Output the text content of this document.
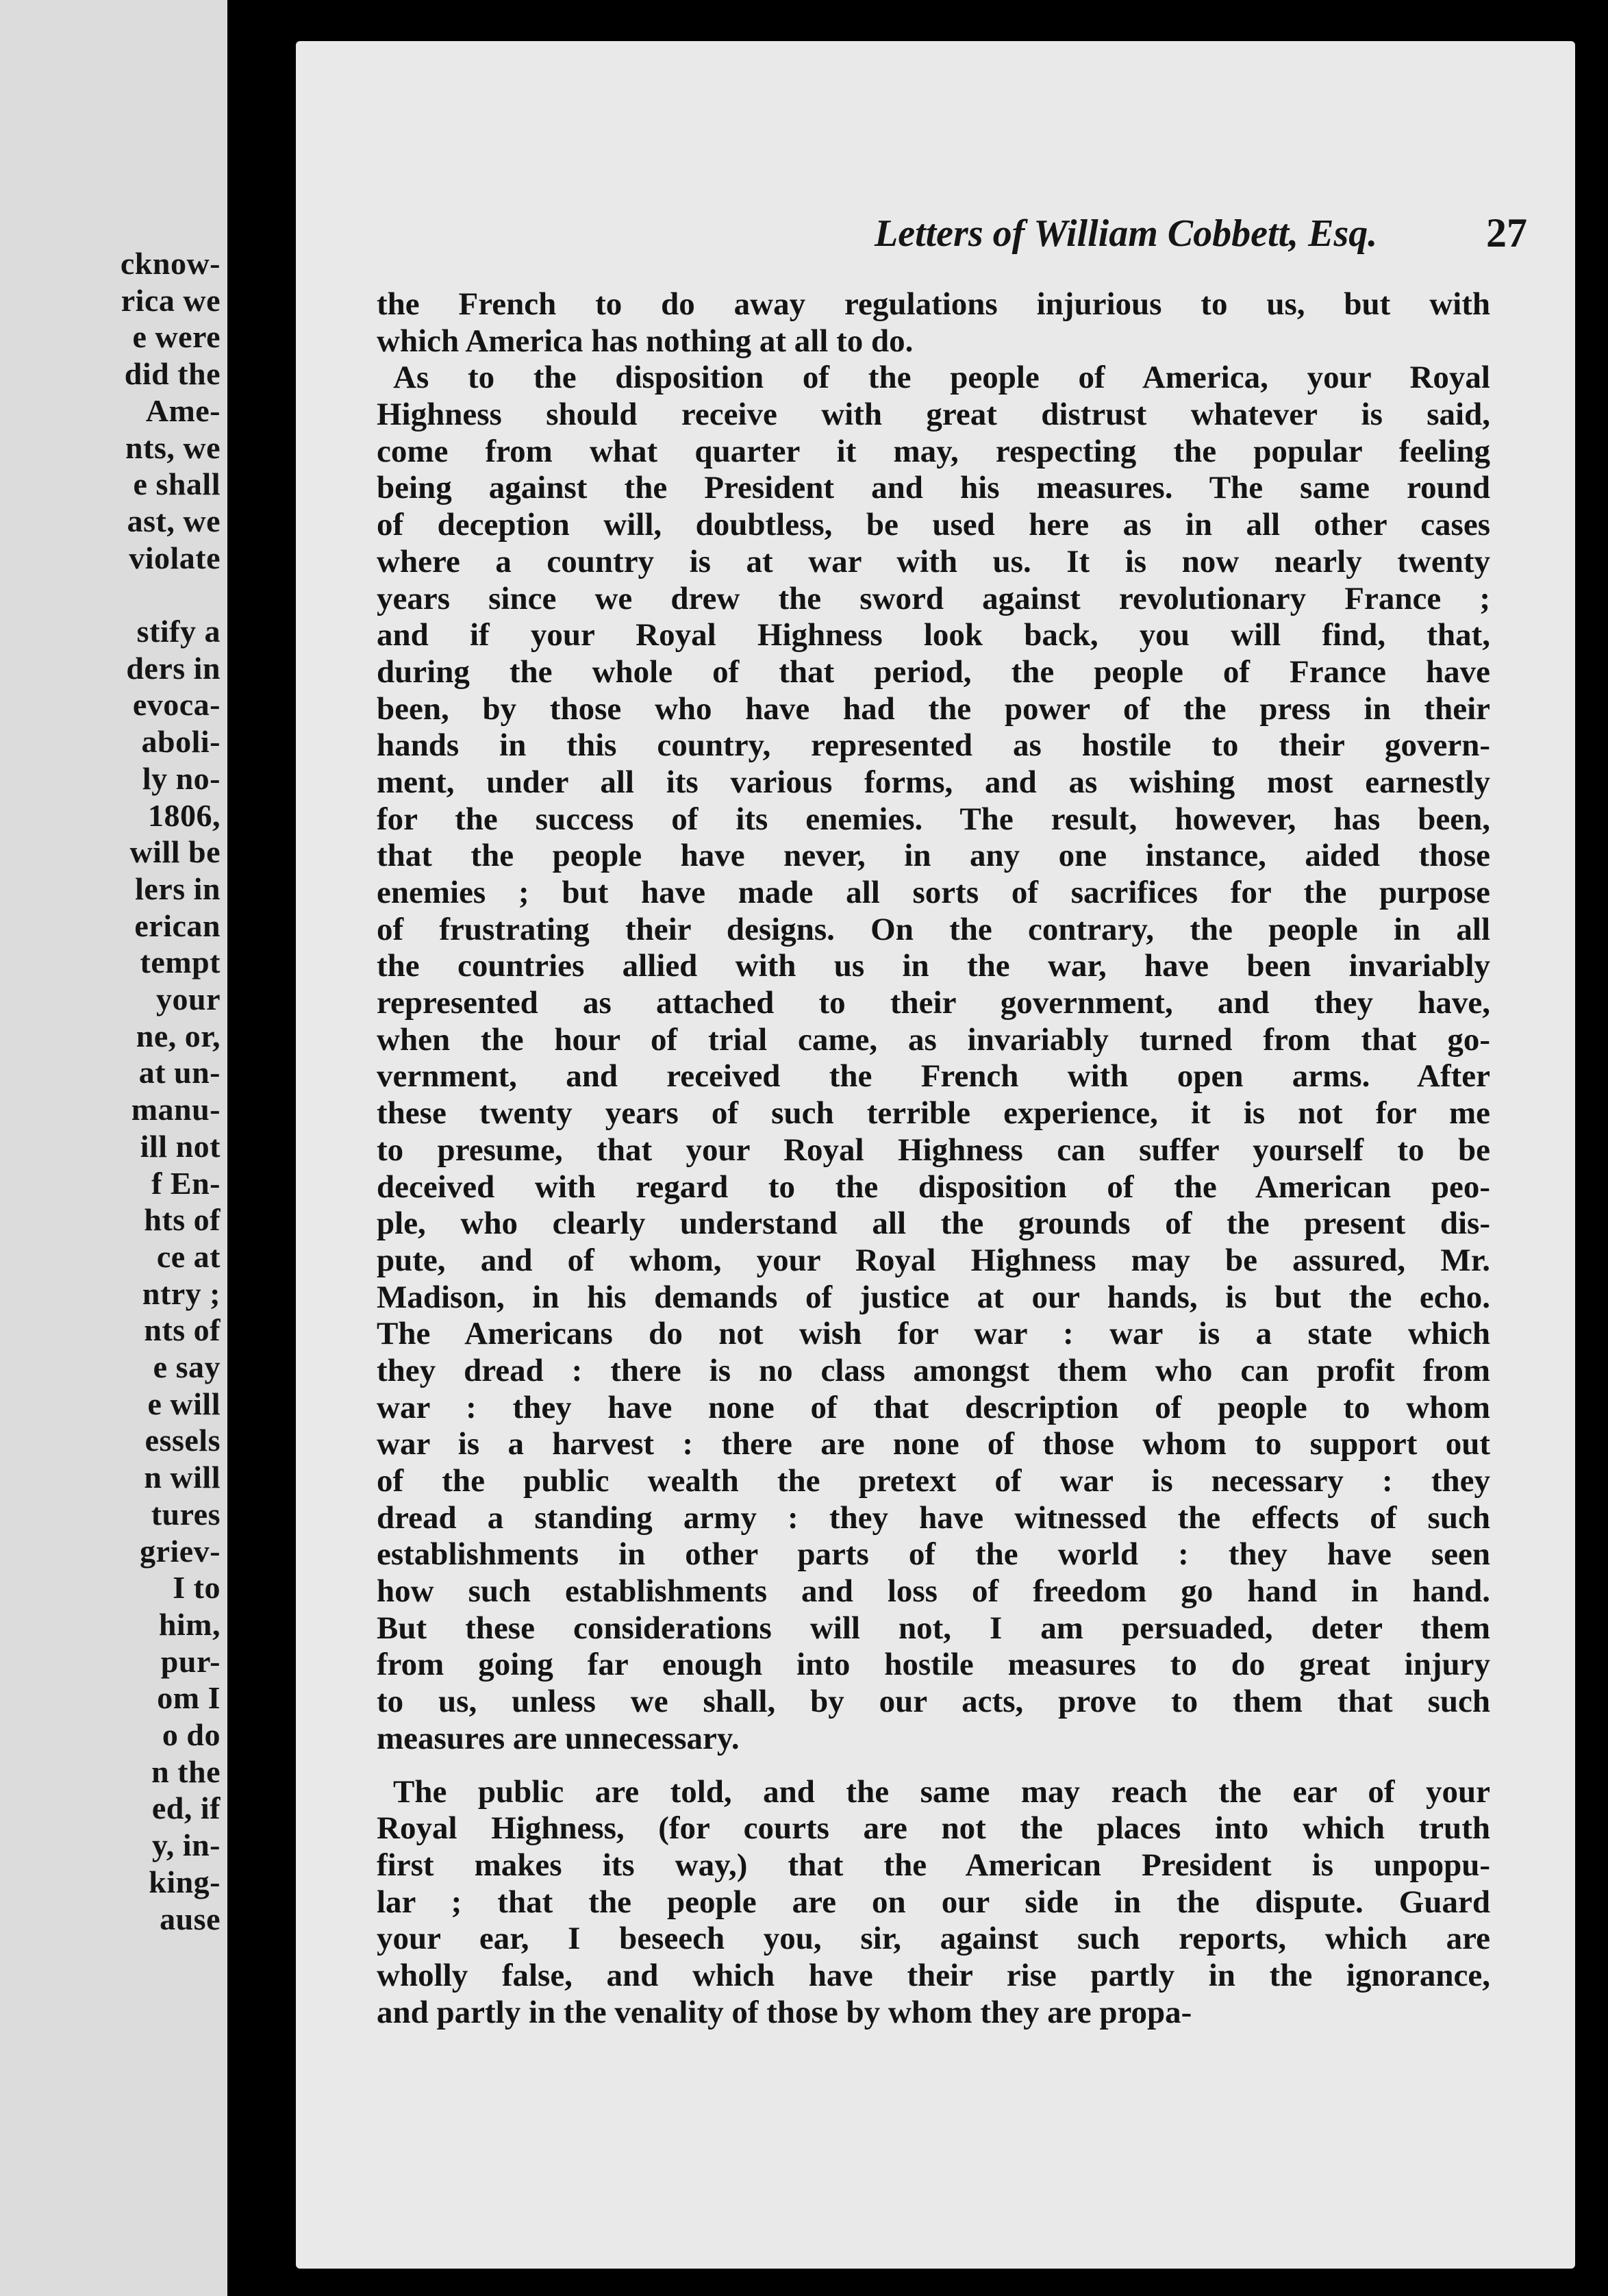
cknow-
rica we
e were
did the
Ame-
nts, we
e shall
ast, we
violate
stify a
ders in
evoca-
aboli-
ly no-
1806,
will be
lers in
erican
tempt
your
ne, or,
at un-
manu-
ill not
f En-
hts of
ce at
ntry ;
nts of
e say
e will
essels
n will
tures
griev-
I to
him,
pur-
om I
o do
n the
ed, if
y, in-
king-
ause
Letters of William Cobbett, Esq.	27
the French to do away regulations injurious to us, but with
which America has nothing at all to do.
As to the disposition of the people of America, your Royal
Highness should receive with great distrust whatever is said,
come from what quarter it may, respecting the popular feeling
being against the President and his measures. The same round
of deception will, doubtless, be used here as in all other cases
where a country is at war with us. It is now nearly twenty
years since we drew the sword against revolutionary France ;
and if your Royal Highness look back, you will find, that,
during the whole of that period, the people of France have
been, by those who have had the power of the press in their
hands in this country, represented as hostile to their govern-
ment, under all its various forms, and as wishing most earnestly
for the success of its enemies. The result, however, has been,
that the people have never, in any one instance, aided those
enemies ; but have made all sorts of sacrifices for the purpose
of frustrating their designs. On the contrary, the people in all
the countries allied with us in the war, have been invariably
represented as attached to their government, and they have,
when the hour of trial came, as invariably turned from that go-
vernment, and received the French with open arms. After
these twenty years of such terrible experience, it is not for me
to presume, that your Royal Highness can suffer yourself to be
deceived with regard to the disposition of the American peo-
ple, who clearly understand all the grounds of the present dis-
pute, and of whom, your Royal Highness may be assured, Mr.
Madison, in his demands of justice at our hands, is but the echo.
The Americans do not wish for war : war is a state which
they dread : there is no class amongst them who can profit from
war : they have none of that description of people to whom
war is a harvest : there are none of those whom to support out
of the public wealth the pretext of war is necessary : they
dread a standing army : they have witnessed the effects of such
establishments in other parts of the world : they have seen
how such establishments and loss of freedom go hand in hand.
But these considerations will not, I am persuaded, deter them
from going far enough into hostile measures to do great injury
to us, unless we shall, by our acts, prove to them that such
measures are unnecessary.
The public are told, and the same may reach the ear of your
Royal Highness, (for courts are not the places into which truth
first makes its way,) that the American President is unpopu-
lar ; that the people are on our side in the dispute. Guard
your ear, I beseech you, sir, against such reports, which are
wholly false, and which have their rise partly in the ignorance,
and partly in the venality of those by whom they are propa-
